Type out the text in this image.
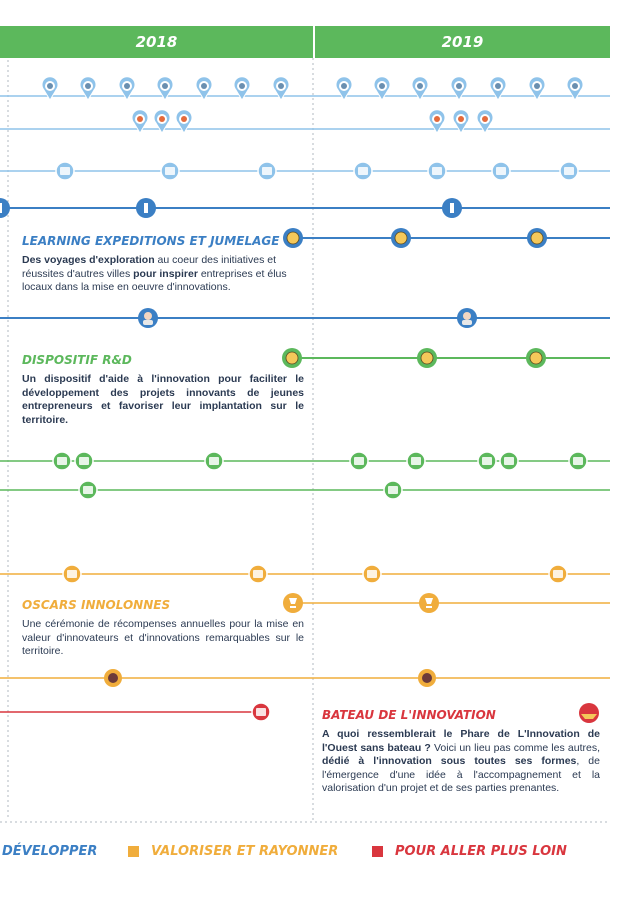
2018	2019
LEARNING EXPEDITIONS ET JUMELAGE
Des voyages d'exploration au coeur des initiatives et réussites d'autres villes pour inspirer entreprises et élus locaux dans la mise en oeuvre d'innovations.
DISPOSITIF R&D
Un dispositif d'aide à l'innovation pour faciliter le développement des projets innovants de jeunes entrepreneurs et favoriser leur implantation sur le territoire.
OSCARS INNOLONNES
Une cérémonie de récompenses annuelles pour la mise en valeur d'innovateurs et d'innovations remarquables sur le territoire.
BATEAU DE L'INNOVATION
A quoi ressemblerait le Phare de L'Innovation de l'Ouest sans bateau ? Voici un lieu pas comme les autres, dédié à l'innovation sous toutes ses formes, de l'émergence d'une idée à l'accompagnement et la valorisation d'un projet et de ses parties prenantes.
DÉVELOPPER	VALORISER ET RAYONNER	POUR ALLER PLUS LOIN
